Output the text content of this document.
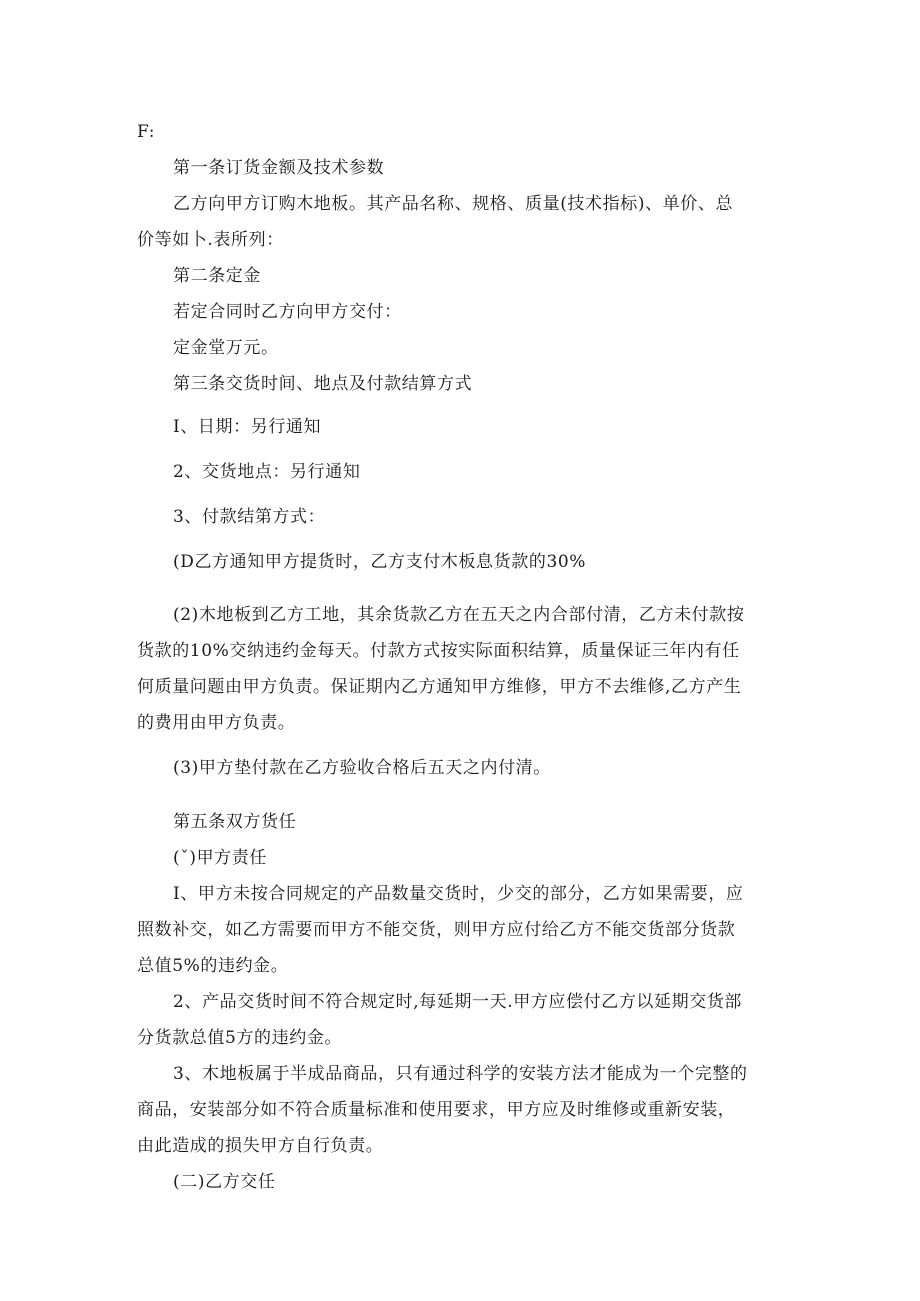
F:
第一条订货金额及技术参数
乙方向甲方订购木地板。其产品名称、规格、质量(技术指标)、单价、总
价等如卜.表所列：
第二条定金
若定合同时乙方向甲方交付：
定金堂万元。
第三条交货时间、地点及付款结算方式
I、日期：另行通知
2、交货地点：另行通知
3、付款结第方式：
(D乙方通知甲方提货时，乙方支付木板息货款的30%
(2)木地板到乙方工地，其余货款乙方在五天之内合部付清，乙方未付款按
货款的10%交纳违约金每天。付款方式按实际面积结算，质量保证三年内有任
何质量问题由甲方负责。保证期内乙方通知甲方维修，甲方不去维修,乙方产生
的费用由甲方负责。
(3)甲方垫付款在乙方验收合格后五天之内付清。
第五条双方货任
(ˇ)甲方责任
I、甲方未按合同规定的产品数量交货时，少交的部分，乙方如果需要，应
照数补交，如乙方需要而甲方不能交货，则甲方应付给乙方不能交货部分货款
总值5%的违约金。
2、产品交货时间不符合规定时,每延期一天.甲方应偿付乙方以延期交货部
分货款总值5方的违约金。
3、木地板属于半成品商品，只有通过科学的安装方法才能成为一个完整的
商品，安装部分如不符合质量标准和使用要求，甲方应及时维修或重新安装，
由此造成的损失甲方自行负责。
(二)乙方交任
